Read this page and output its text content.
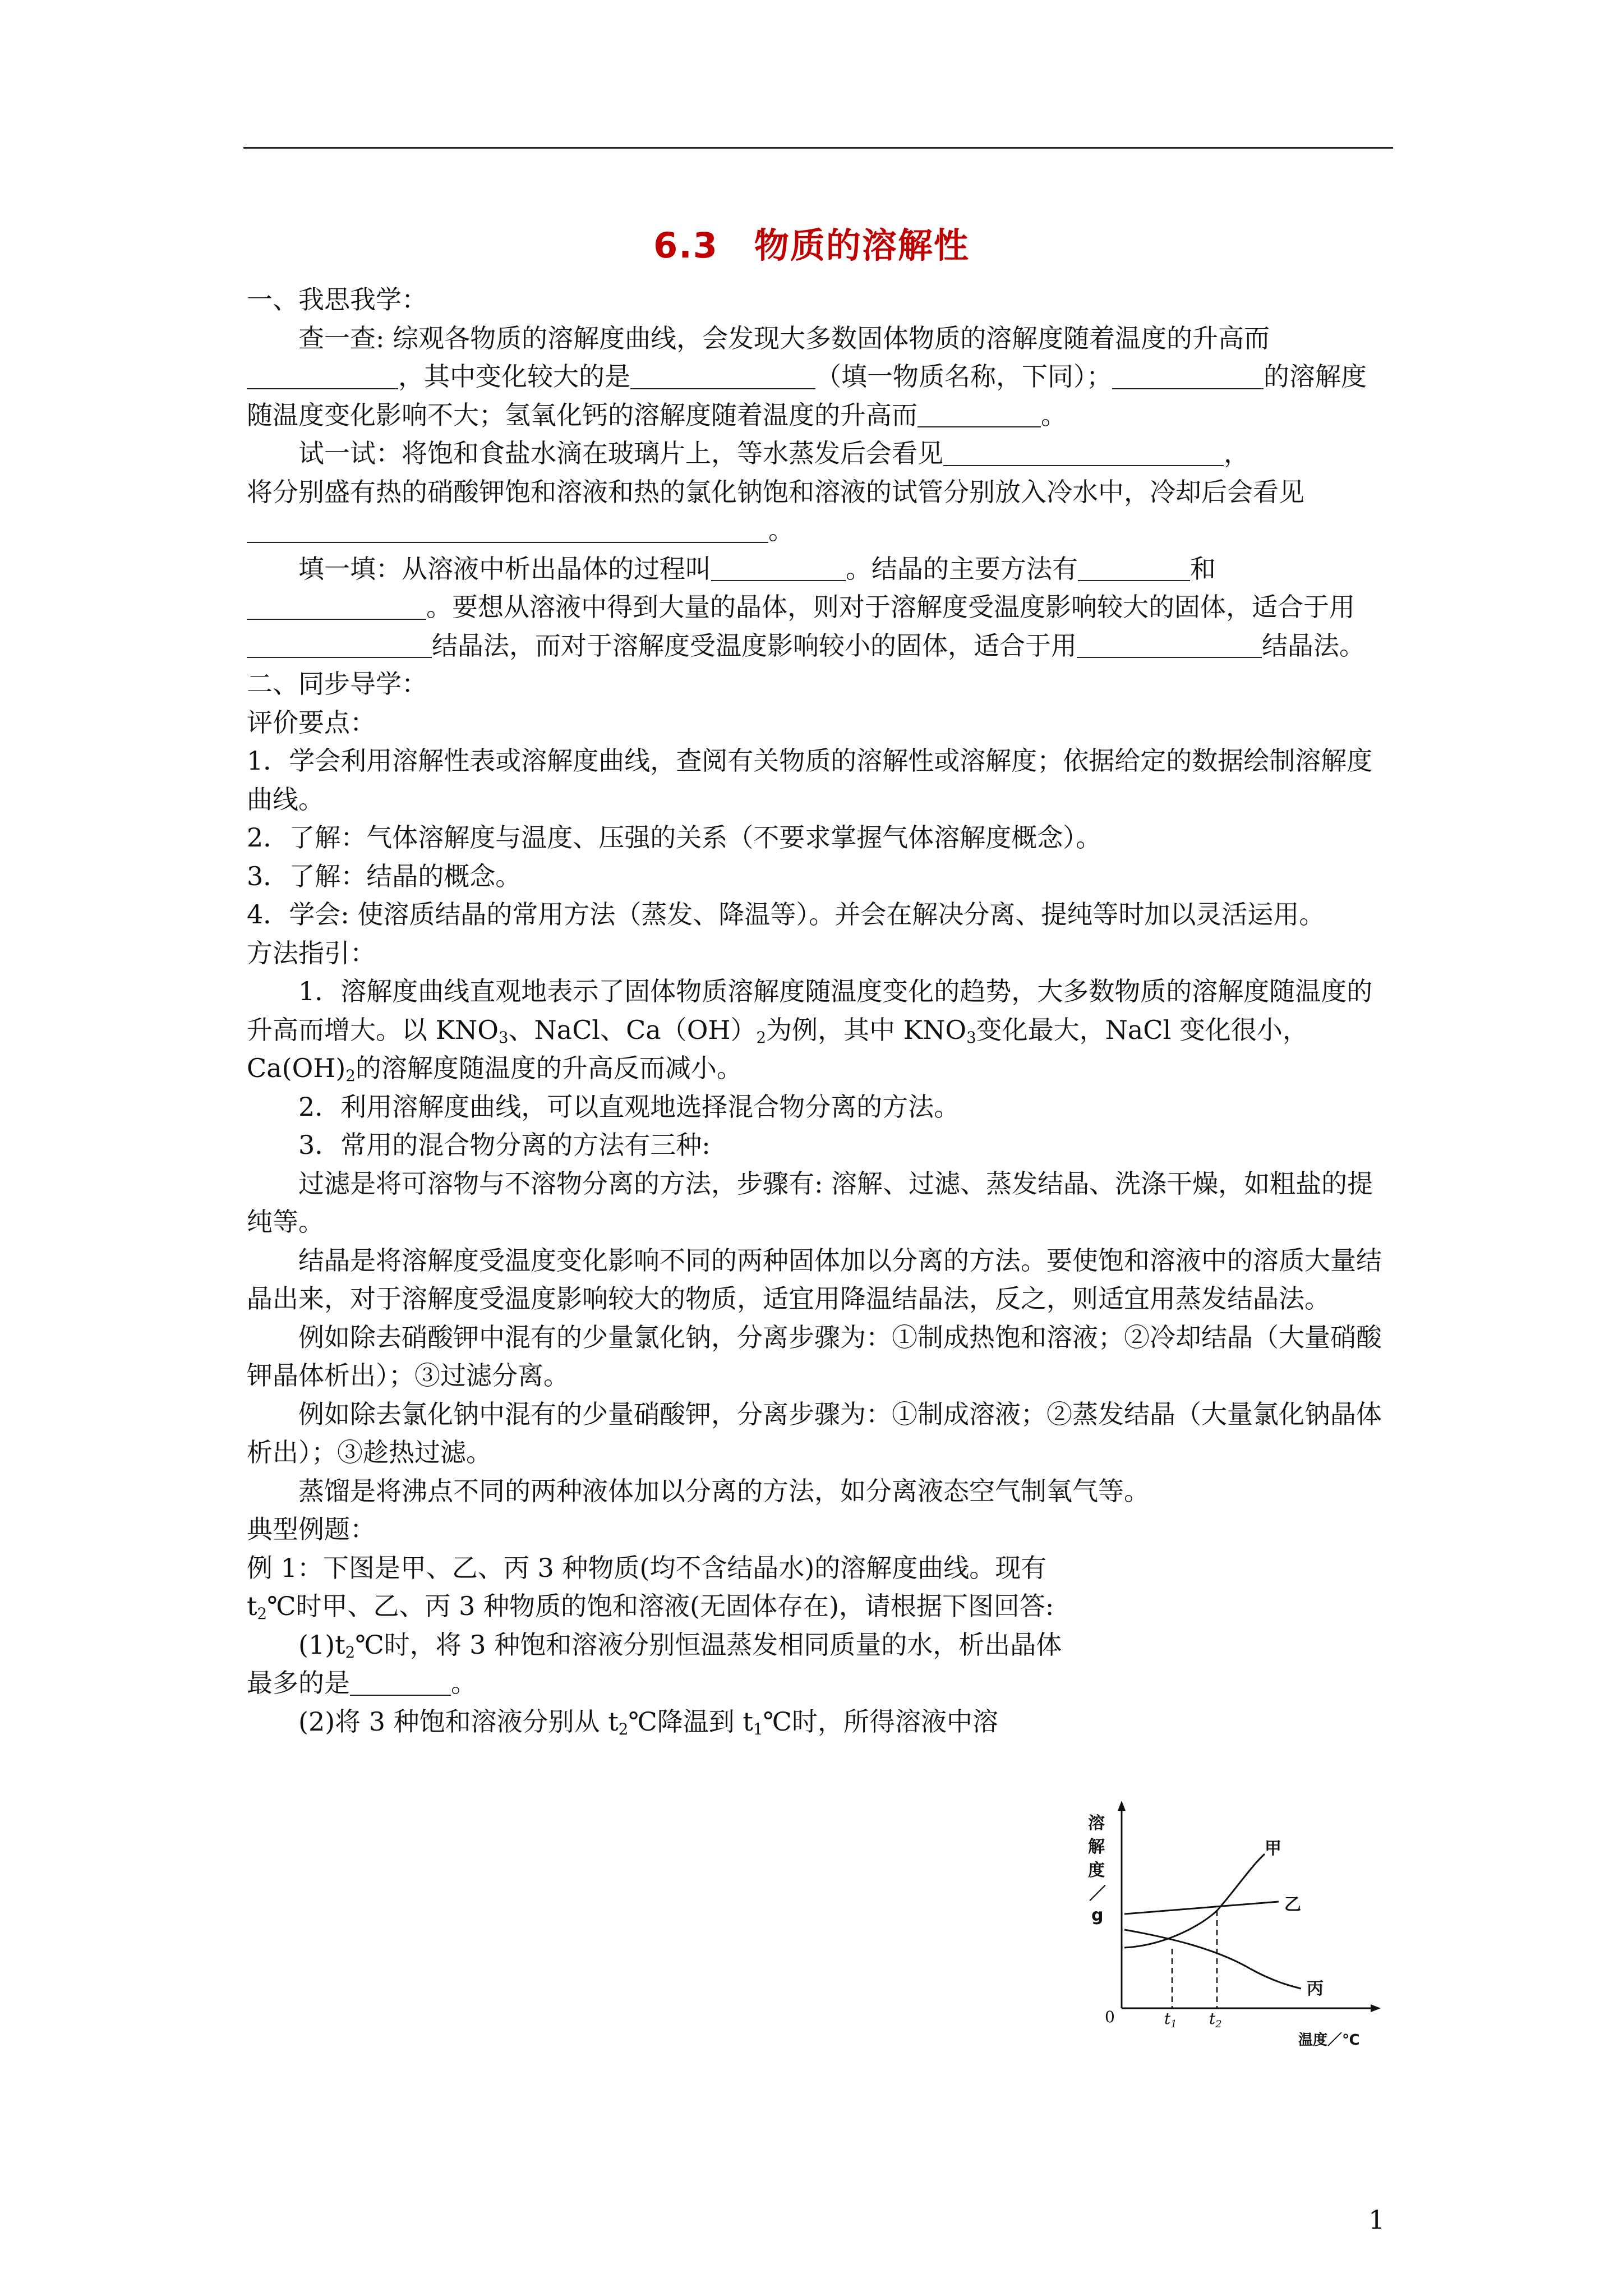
6.3　物质的溶解性

一、我思我学：

查一查: 综观各物质的溶解度曲线，会发现大多数固体物质的溶解度随着温度的升高而，其中变化较大的是	（填一物质名称，下同）；	的溶解度随温度变化影响不大；氢氧化钙的溶解度随着温度的升高而	。

试一试：将饱和食盐水滴在玻璃片上，等水蒸发后会看见	，

将分别盛有热的硝酸钾饱和溶液和热的氯化钠饱和溶液的试管分别放入冷水中，冷却后会看见。

填一填：从溶液中析出晶体的过程叫	。结晶的主要方法有	和。要想从溶液中得到大量的晶体，则对于溶解度受温度影响较大的固体，适合于用结晶法，而对于溶解度受温度影响较小的固体，适合于用	结晶法。

二、同步导学：

评价要点：

1．学会利用溶解性表或溶解度曲线，查阅有关物质的溶解性或溶解度；依据给定的数据绘制溶解度曲线。

2．了解：气体溶解度与温度、压强的关系（不要求掌握气体溶解度概念）。

3．了解：结晶的概念。

4．学会: 使溶质结晶的常用方法（蒸发、降温等）。并会在解决分离、提纯等时加以灵活运用。

方法指引：

1．溶解度曲线直观地表示了固体物质溶解度随温度变化的趋势，大多数物质的溶解度随温度的升高而增大。以 $KNO_3$、NaCl、$Ca(OH)_2$为例，其中 $KNO_3$变化最大，NaCl 变化很小，$Ca(OH)_2$的溶解度随温度的升高反而减小。

2．利用溶解度曲线，可以直观地选择混合物分离的方法。

3．常用的混合物分离的方法有三种:

过滤是将可溶物与不溶物分离的方法，步骤有: 溶解、过滤、蒸发结晶、洗涤干燥，如粗盐的提纯等。

结晶是将溶解度受温度变化影响不同的两种固体加以分离的方法。要使饱和溶液中的溶质大量结晶出来，对于溶解度受温度影响较大的物质，适宜用降温结晶法，反之，则适宜用蒸发结晶法。

例如除去硝酸钾中混有的少量氯化钠，分离步骤为：①制成热饱和溶液；②冷却结晶（大量硝酸钾晶体析出）；③过滤分离。

例如除去氯化钠中混有的少量硝酸钾，分离步骤为：①制成溶液；②蒸发结晶（大量氯化钠晶体析出）；③趁热过滤。

蒸馏是将沸点不同的两种液体加以分离的方法，如分离液态空气制氧气等。

典型例题：

例 1：下图是甲、乙、丙 3 种物质(均不含结晶水)的溶解度曲线。现有 $t_2℃$时甲、乙、丙 3 种物质的饱和溶液(无固体存在)，请根据下图回答:

$(1)t_2℃$时，将 3 种饱和溶液分别恒温蒸发相同质量的水，析出晶体最多的是	。

(2)将 3 种饱和溶液分别从 $t_2℃$降温到 $t_1℃$时，所得溶液中溶

溶
解
度
／
g
甲
乙
丙
0	$t_1$ $t_2$
温度／℃
1
